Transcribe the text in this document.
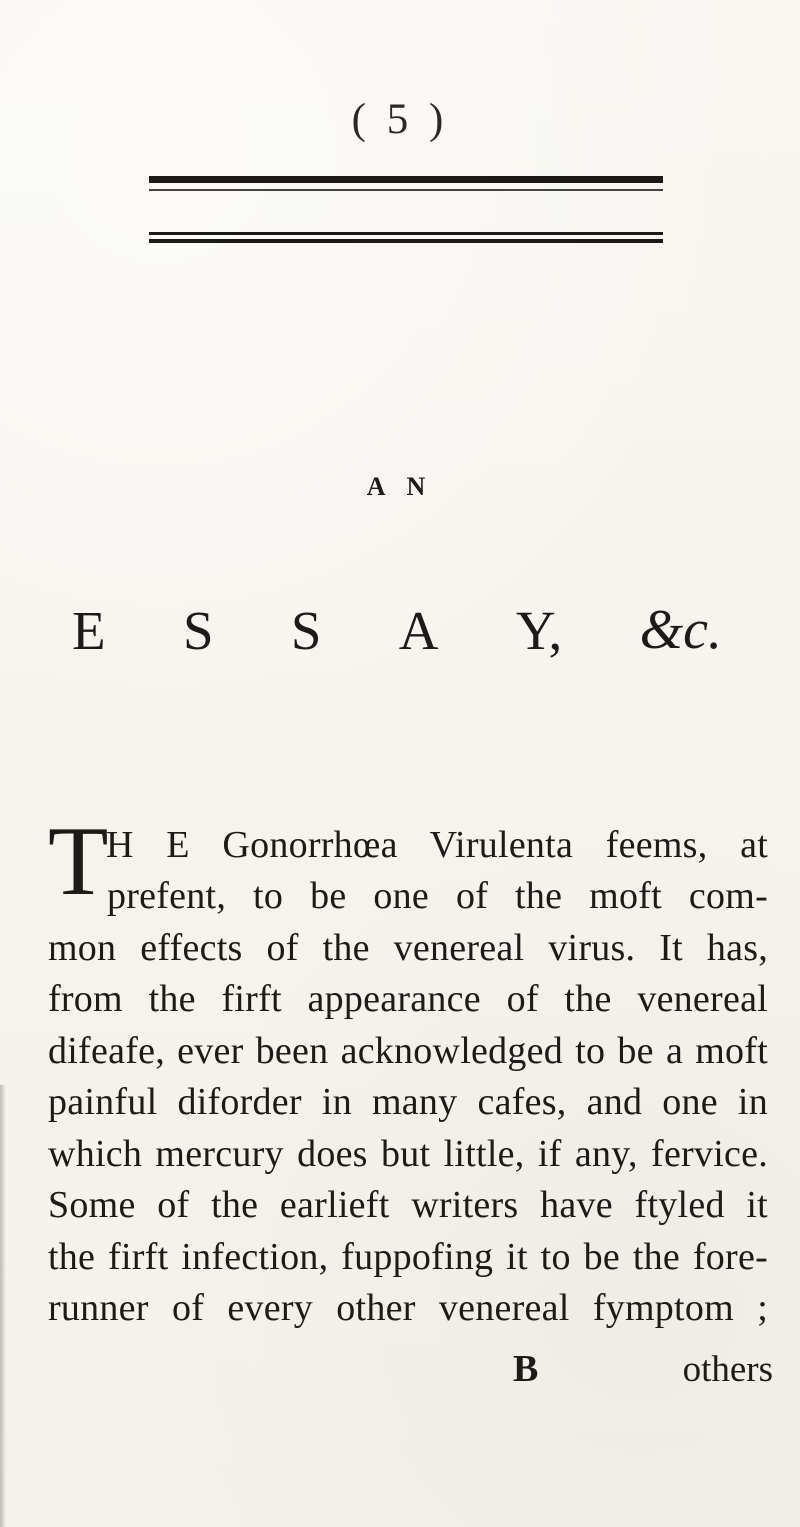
( 5 )
A N
E S S A Y, &c.
T
H E Gonorrhœa Virulenta feems, at
prefent, to be one of the moft com-
mon effects of the venereal virus. It has,
from the firft appearance of the venereal
difeafe, ever been acknowledged to be a moft
painful diforder in many cafes, and one in
which mercury does but little, if any, fervice.
Some of the earlieft writers have ftyled it
the firft infection, fuppofing it to be the fore-
runner of every other venereal fymptom ;
B	others
